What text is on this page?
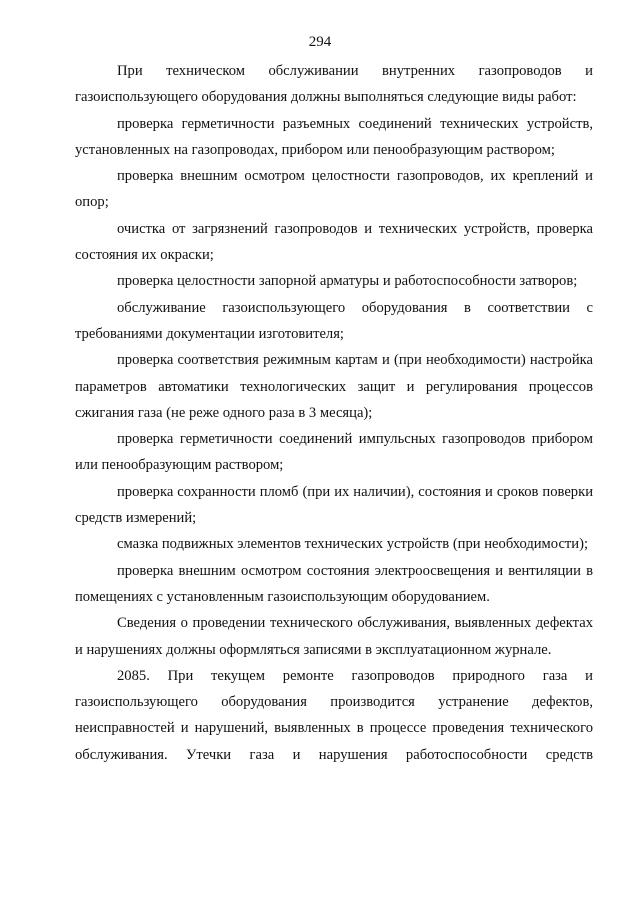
294

При техническом обслуживании внутренних газопроводов и газоиспользующего оборудования должны выполняться следующие виды работ:

проверка герметичности разъемных соединений технических устройств, установленных на газопроводах, прибором или пенообразующим раствором;

проверка внешним осмотром целостности газопроводов, их креплений и опор;

очистка от загрязнений газопроводов и технических устройств, проверка состояния их окраски;

проверка целостности запорной арматуры и работоспособности затворов;

обслуживание газоиспользующего оборудования в соответствии с требованиями документации изготовителя;

проверка соответствия режимным картам и (при необходимости) настройка параметров автоматики технологических защит и регулирования процессов сжигания газа (не реже одного раза в 3 месяца);

проверка герметичности соединений импульсных газопроводов прибором или пенообразующим раствором;

проверка сохранности пломб (при их наличии), состояния и сроков поверки средств измерений;

смазка подвижных элементов технических устройств (при необходимости);

проверка внешним осмотром состояния электроосвещения и вентиляции в помещениях с установленным газоиспользующим оборудованием.

Сведения о проведении технического обслуживания, выявленных дефектах и нарушениях должны оформляться записями в эксплуатационном журнале.

2085. При текущем ремонте газопроводов природного газа и газоиспользующего оборудования производится устранение дефектов, неисправностей и нарушений, выявленных в процессе проведения технического обслуживания. Утечки газа и нарушения работоспособности средств
